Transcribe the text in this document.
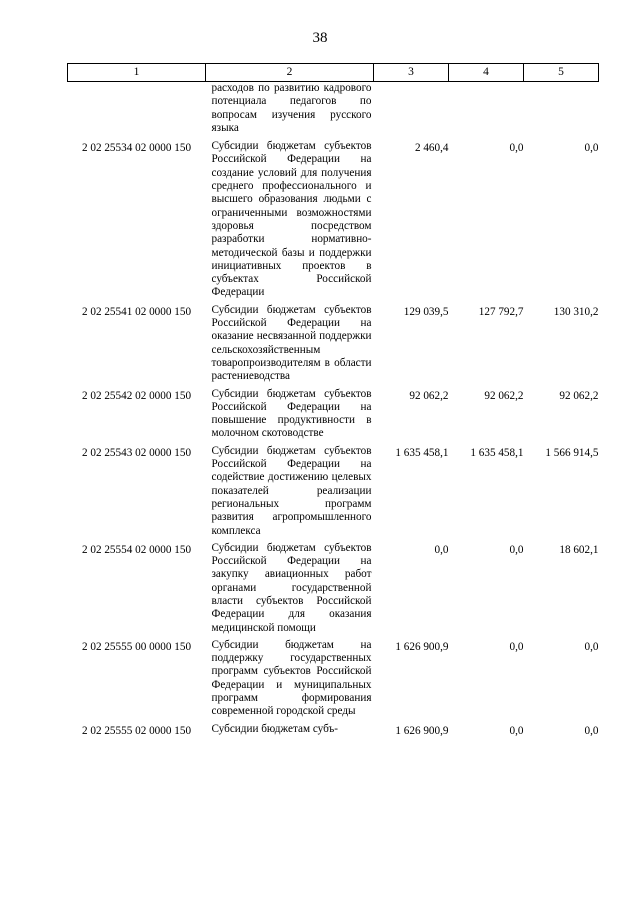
38
1	2	3	4	5
	расходов по развитию кадрового потенциала педагогов по вопросам изучения русского языка			
2 02 25534 02 0000 150	Субсидии бюджетам субъектов Российской Федерации на создание условий для получения среднего профессионального и высшего образования людьми с ограниченными возможностями здоровья посредством разработки нормативно-методической базы и поддержки инициативных проектов в субъектах Российской Федерации	2 460,4	0,0	0,0
2 02 25541 02 0000 150	Субсидии бюджетам субъектов Российской Федерации на оказание несвязанной поддержки сельскохозяйственным товаропроизводителям в области растениеводства	129 039,5	127 792,7	130 310,2
2 02 25542 02 0000 150	Субсидии бюджетам субъектов Российской Федерации на повышение продуктивности в молочном скотоводстве	92 062,2	92 062,2	92 062,2
2 02 25543 02 0000 150	Субсидии бюджетам субъектов Российской Федерации на содействие достижению целевых показателей реализации региональных программ развития агропромышленного комплекса	1 635 458,1	1 635 458,1	1 566 914,5
2 02 25554 02 0000 150	Субсидии бюджетам субъектов Российской Федерации на закупку авиационных работ органами государственной власти субъектов Российской Федерации для оказания медицинской помощи	0,0	0,0	18 602,1
2 02 25555 00 0000 150	Субсидии бюджетам на поддержку государственных программ субъектов Российской Федерации и муниципальных программ формирования современной городской среды	1 626 900,9	0,0	0,0
2 02 25555 02 0000 150	Субсидии бюджетам субъ-	1 626 900,9	0,0	0,0
